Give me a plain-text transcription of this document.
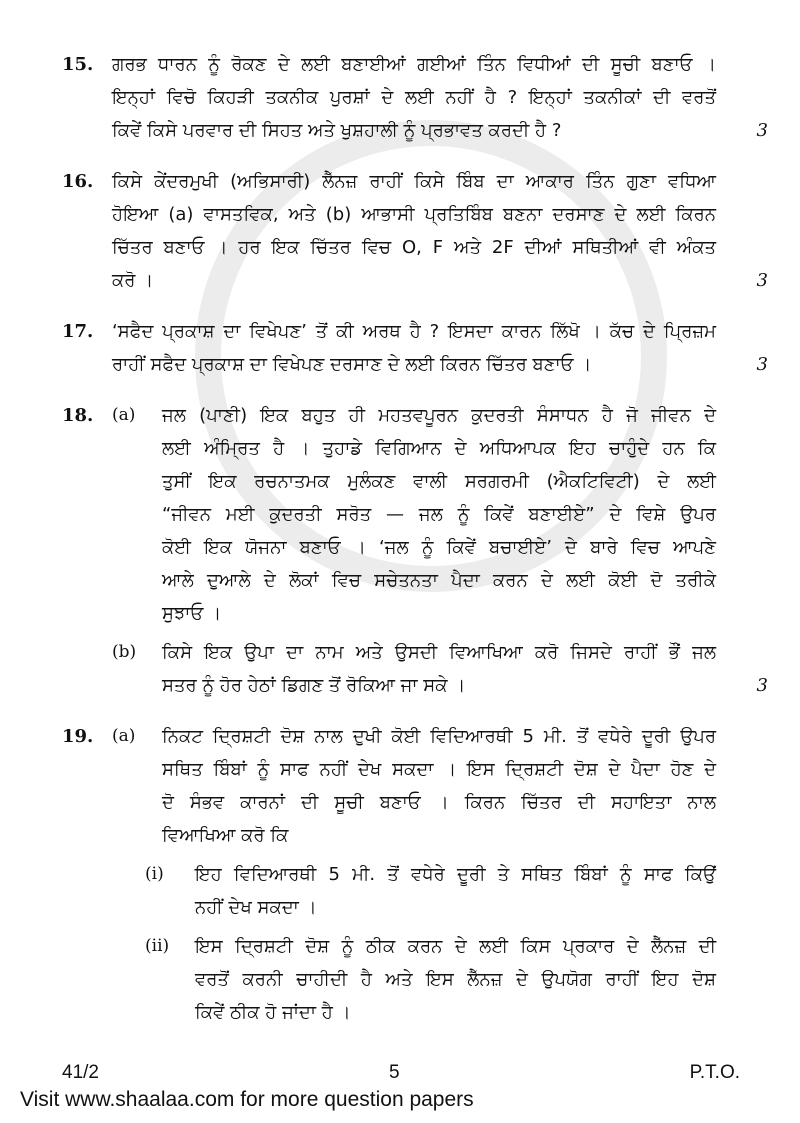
15.	ਗਰਭ ਧਾਰਨ ਨੂੰ ਰੋਕਣ ਦੇ ਲਈ ਬਣਾਈਆਂ ਗਈਆਂ ਤਿੰਨ ਵਿਧੀਆਂ ਦੀ ਸੂਚੀ ਬਣਾਓ ।
ਇਨ੍ਹਾਂ ਵਿਚੋ ਕਿਹੜੀ ਤਕਨੀਕ ਪੁਰਸ਼ਾਂ ਦੇ ਲਈ ਨਹੀਂ ਹੈ ? ਇਨ੍ਹਾਂ ਤਕਨੀਕਾਂ ਦੀ ਵਰਤੋਂ
ਕਿਵੇਂ ਕਿਸੇ ਪਰਵਾਰ ਦੀ ਸਿਹਤ ਅਤੇ ਖੁਸ਼ਹਾਲੀ ਨੂੰ ਪ੍ਰਭਾਵਤ ਕਰਦੀ ਹੈ ?	3
16.	ਕਿਸੇ ਕੇਂਦਰਮੁਖੀ (ਅਭਿਸਾਰੀ) ਲੈੱਨਜ਼ ਰਾਹੀਂ ਕਿਸੇ ਬਿੰਬ ਦਾ ਆਕਾਰ ਤਿੰਨ ਗੁਣਾ ਵਧਿਆ
ਹੋਇਆ (a) ਵਾਸਤਵਿਕ, ਅਤੇ (b) ਆਭਾਸੀ ਪ੍ਰਤਿਬਿੰਬ ਬਣਨਾ ਦਰਸਾਣ ਦੇ ਲਈ ਕਿਰਨ
ਚਿੱਤਰ ਬਣਾਓ । ਹਰ ਇਕ ਚਿੱਤਰ ਵਿਚ O, F ਅਤੇ 2F ਦੀਆਂ ਸਥਿਤੀਆਂ ਵੀ ਅੰਕਤ
ਕਰੋ ।	3
17.	‘ਸਫੈਦ ਪ੍ਰਕਾਸ਼ ਦਾ ਵਿਖੇਪਣ’ ਤੋਂ ਕੀ ਅਰਥ ਹੈ ? ਇਸਦਾ ਕਾਰਨ ਲਿੱਖੋ । ਕੱਚ ਦੇ ਪ੍ਰਿਜ਼ਮ
ਰਾਹੀਂ ਸਫੈਦ ਪ੍ਰਕਾਸ਼ ਦਾ ਵਿਖੇਪਣ ਦਰਸਾਣ ਦੇ ਲਈ ਕਿਰਨ ਚਿੱਤਰ ਬਣਾਓ ।	3
18.	(a)	ਜਲ (ਪਾਣੀ) ਇਕ ਬਹੁਤ ਹੀ ਮਹਤਵਪੂਰਨ ਕੁਦਰਤੀ ਸੰਸਾਧਨ ਹੈ ਜੋ ਜੀਵਨ ਦੇ
ਲਈ ਅੰਮ੍ਰਿਤ ਹੈ । ਤੁਹਾਡੇ ਵਿਗਿਆਨ ਦੇ ਅਧਿਆਪਕ ਇਹ ਚਾਹੁੰਦੇ ਹਨ ਕਿ
ਤੁਸੀਂ ਇਕ ਰਚਨਾਤਮਕ ਮੁਲੰਕਣ ਵਾਲੀ ਸਰਗਰਮੀ (ਐਕਟਿਵਿਟੀ) ਦੇ ਲਈ
“ਜੀਵਨ ਮਈ ਕੁਦਰਤੀ ਸਰੋਤ — ਜਲ ਨੂੰ ਕਿਵੇਂ ਬਣਾਈਏ” ਦੇ ਵਿਸ਼ੇ ਉਪਰ
ਕੋਈ ਇਕ ਯੋਜਨਾ ਬਣਾਓ । ‘ਜਲ ਨੂੰ ਕਿਵੇਂ ਬਚਾਈਏ’ ਦੇ ਬਾਰੇ ਵਿਚ ਆਪਣੇ
ਆਲੇ ਦੁਆਲੇ ਦੇ ਲੋਕਾਂ ਵਿਚ ਸਚੇਤਨਤਾ ਪੈਦਾ ਕਰਨ ਦੇ ਲਈ ਕੋਈ ਦੋ ਤਰੀਕੇ
ਸੁਝਾਓ ।
(b)	ਕਿਸੇ ਇਕ ਉਪਾ ਦਾ ਨਾਮ ਅਤੇ ਉਸਦੀ ਵਿਆਖਿਆ ਕਰੋ ਜਿਸਦੇ ਰਾਹੀਂ ਭੌਂ ਜਲ
ਸਤਰ ਨੂੰ ਹੋਰ ਹੇਠਾਂ ਡਿਗਣ ਤੋਂ ਰੋਕਿਆ ਜਾ ਸਕੇ ।	3
19.	(a)	ਨਿਕਟ ਦ੍ਰਿਸ਼ਟੀ ਦੋਸ਼ ਨਾਲ ਦੁਖੀ ਕੋਈ ਵਿਦਿਆਰਥੀ 5 ਮੀ. ਤੋਂ ਵਧੇਰੇ ਦੂਰੀ ਉਪਰ
ਸਥਿਤ ਬਿੰਬਾਂ ਨੂੰ ਸਾਫ ਨਹੀਂ ਦੇਖ ਸਕਦਾ । ਇਸ ਦ੍ਰਿਸ਼ਟੀ ਦੋਸ਼ ਦੇ ਪੈਦਾ ਹੋਣ ਦੇ
ਦੋ ਸੰਭਵ ਕਾਰਨਾਂ ਦੀ ਸੂਚੀ ਬਣਾਓ । ਕਿਰਨ ਚਿੱਤਰ ਦੀ ਸਹਾਇਤਾ ਨਾਲ
ਵਿਆਖਿਆ ਕਰੋ ਕਿ
(i)	ਇਹ ਵਿਦਿਆਰਥੀ 5 ਮੀ. ਤੋਂ ਵਧੇਰੇ ਦੂਰੀ ਤੇ ਸਥਿਤ ਬਿੰਬਾਂ ਨੂੰ ਸਾਫ ਕਿਉਂ
ਨਹੀਂ ਦੇਖ ਸਕਦਾ ।
(ii)	ਇਸ ਦ੍ਰਿਸ਼ਟੀ ਦੋਸ਼ ਨੂੰ ਠੀਕ ਕਰਨ ਦੇ ਲਈ ਕਿਸ ਪ੍ਰਕਾਰ ਦੇ ਲੈੱਨਜ਼ ਦੀ
ਵਰਤੋਂ ਕਰਨੀ ਚਾਹੀਦੀ ਹੈ ਅਤੇ ਇਸ ਲੈੱਨਜ਼ ਦੇ ਉਪਯੋਗ ਰਾਹੀਂ ਇਹ ਦੋਸ਼
ਕਿਵੇਂ ਠੀਕ ਹੋ ਜਾਂਦਾ ਹੈ ।
41/2	5	P.T.O.
Visit www.shaalaa.com for more question papers
